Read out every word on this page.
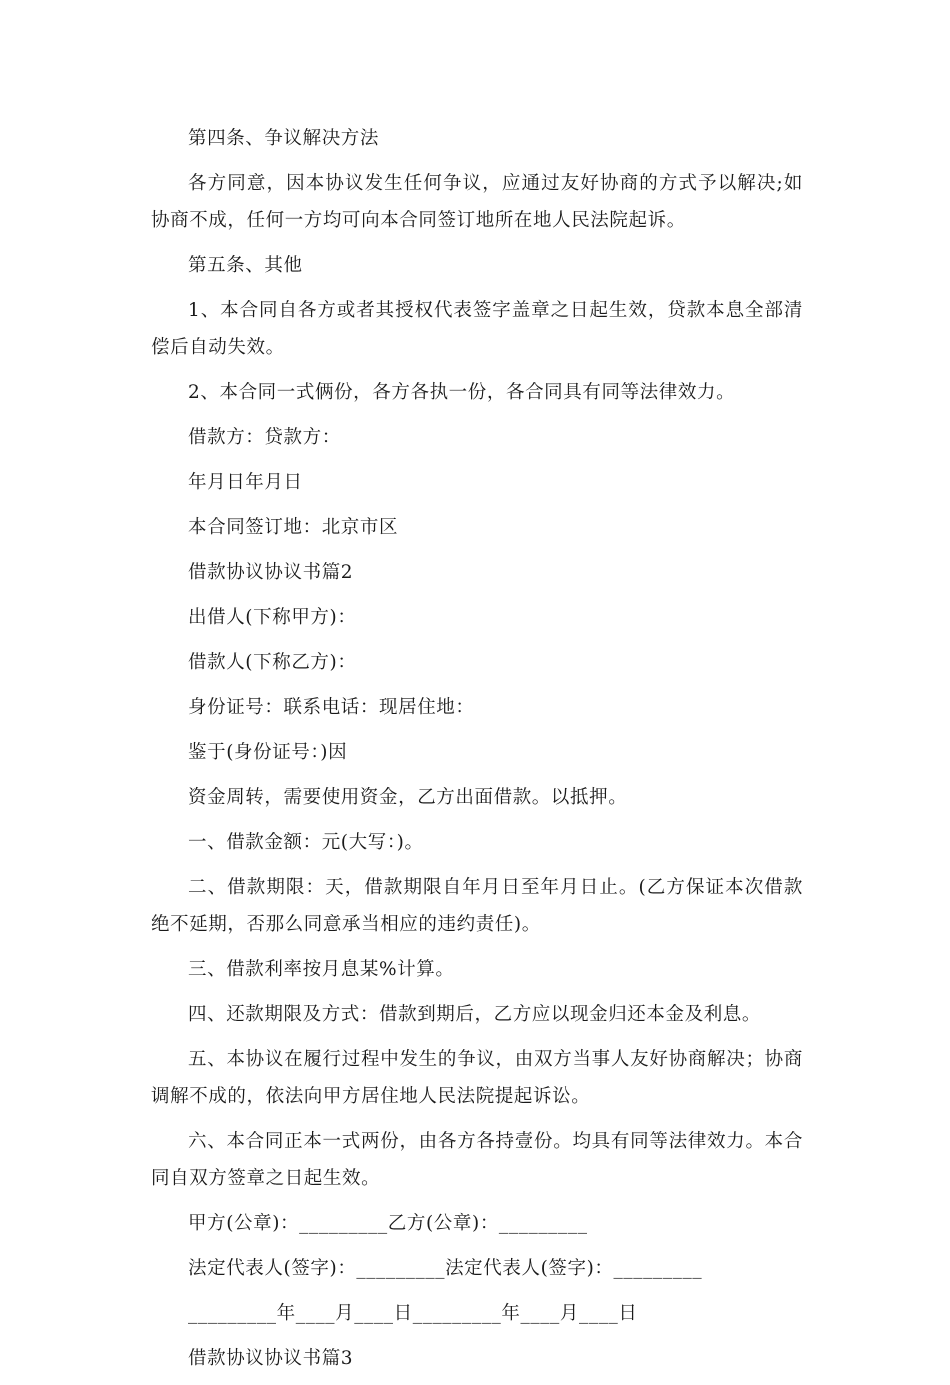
第四条、争议解决方法

各方同意，因本协议发生任何争议，应通过友好协商的方式予以解决;如协商不成，任何一方均可向本合同签订地所在地人民法院起诉。

第五条、其他

1、本合同自各方或者其授权代表签字盖章之日起生效，贷款本息全部清偿后自动失效。

2、本合同一式俩份，各方各执一份，各合同具有同等法律效力。

借款方：贷款方：

年月日年月日

本合同签订地：北京市区

借款协议协议书篇2

出借人(下称甲方)：

借款人(下称乙方)：

身份证号：联系电话：现居住地：

鉴于(身份证号：)因

资金周转，需要使用资金，乙方出面借款。以抵押。

一、借款金额：元(大写：)。

二、借款期限：天，借款期限自年月日至年月日止。(乙方保证本次借款绝不延期，否那么同意承当相应的违约责任)。

三、借款利率按月息某%计算。

四、还款期限及方式：借款到期后，乙方应以现金归还本金及利息。

五、本协议在履行过程中发生的争议，由双方当事人友好协商解决；协商调解不成的，依法向甲方居住地人民法院提起诉讼。

六、本合同正本一式两份，由各方各持壹份。均具有同等法律效力。本合同自双方签章之日起生效。

甲方(公章)：_________乙方(公章)：_________

法定代表人(签字)：_________法定代表人(签字)：_________

_________年____月____日_________年____月____日

借款协议协议书篇3
